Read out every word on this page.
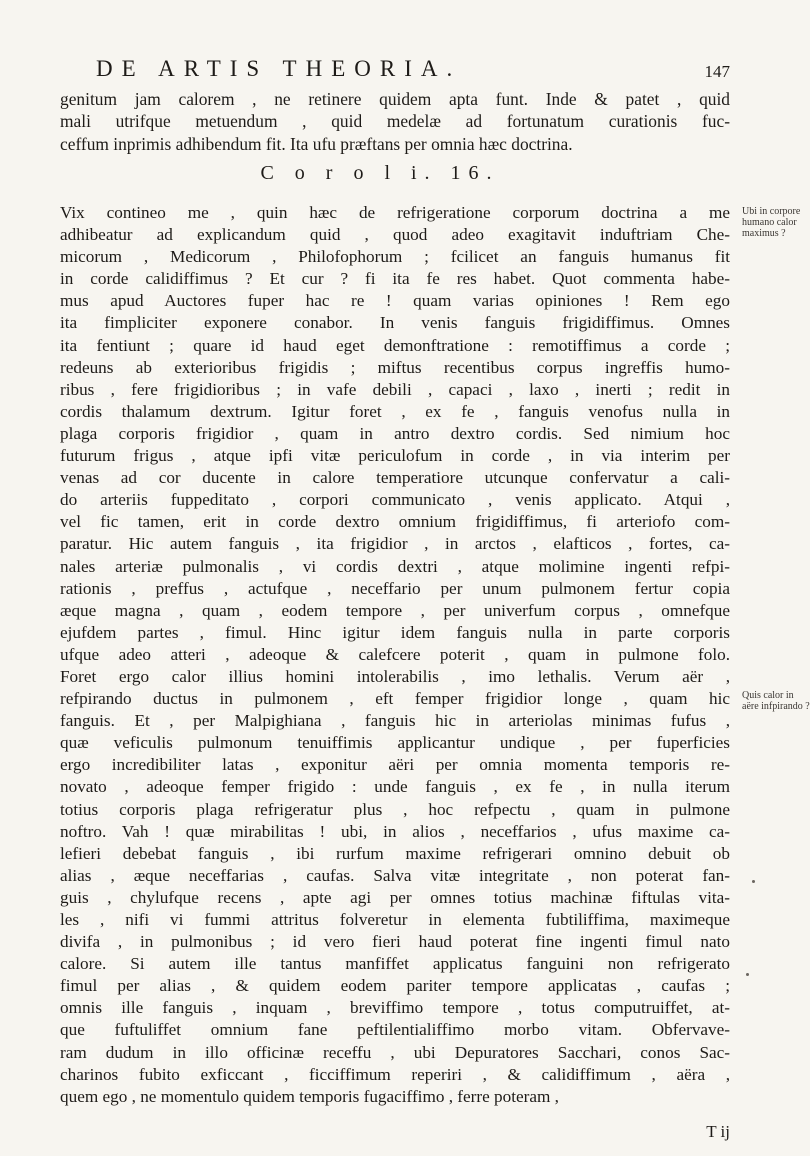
DE ARTIS THEORIA.	147
genitum jam calorem , ne retinere quidem apta funt. Inde & patet , quid
mali utrifque metuendum , quid medelæ ad fortunatum curationis fuc-
ceffum inprimis adhibendum fit. Ita ufu præftans per omnia hæc doctrina.
C o r o l i. 16.
Vix contineo me , quin hæc de refrigeratione corporum doctrina a me
adhibeatur ad explicandum quid , quod adeo exagitavit induftriam Che-
micorum , Medicorum , Philofophorum ; fcilicet an fanguis humanus fit
in corde calidiffimus ? Et cur ? fi ita fe res habet. Quot commenta habe-
mus apud Auctores fuper hac re ! quam varias opiniones ! Rem ego
ita fimpliciter exponere conabor. In venis fanguis frigidiffimus. Omnes
ita fentiunt ; quare id haud eget demonftratione : remotiffimus a corde ;
redeuns ab exterioribus frigidis ; miftus recentibus corpus ingreffis humo-
ribus , fere frigidioribus ; in vafe debili , capaci , laxo , inerti ; redit in
cordis thalamum dextrum. Igitur foret , ex fe , fanguis venofus nulla in
plaga corporis frigidior , quam in antro dextro cordis. Sed nimium hoc
futurum frigus , atque ipfi vitæ periculofum in corde , in via interim per
venas ad cor ducente in calore temperatiore utcunque confervatur a cali-
do arteriis fuppeditato , corpori communicato , venis applicato. Atqui ,
vel fic tamen, erit in corde dextro omnium frigidiffimus, fi arteriofo com-
paratur. Hic autem fanguis , ita frigidior , in arctos , elafticos , fortes, ca-
nales arteriæ pulmonalis , vi cordis dextri , atque molimine ingenti refpi-
rationis , preffus , actufque , neceffario per unum pulmonem fertur copia
æque magna , quam , eodem tempore , per univerfum corpus , omnefque
ejufdem partes , fimul. Hinc igitur idem fanguis nulla in parte corporis
ufque adeo atteri , adeoque & calefcere poterit , quam in pulmone folo.
Foret ergo calor illius homini intolerabilis , imo lethalis. Verum aër ,
refpirando ductus in pulmonem , eft femper frigidior longe , quam hic
fanguis. Et , per Malpighiana , fanguis hic in arteriolas minimas fufus ,
quæ veficulis pulmonum tenuiffimis applicantur undique , per fuperficies
ergo incredibiliter latas , exponitur aëri per omnia momenta temporis re-
novato , adeoque femper frigido : unde fanguis , ex fe , in nulla iterum
totius corporis plaga refrigeratur plus , hoc refpectu , quam in pulmone
noftro. Vah ! quæ mirabilitas ! ubi, in alios , neceffarios , ufus maxime ca-
lefieri debebat fanguis , ibi rurfum maxime refrigerari omnino debuit ob
alias , æque neceffarias , caufas. Salva vitæ integritate , non poterat fan-
guis , chylufque recens , apte agi per omnes totius machinæ fiftulas vita-
les , nifi vi fummi attritus folveretur in elementa fubtiliffima, maximeque
divifa , in pulmonibus ; id vero fieri haud poterat fine ingenti fimul nato
calore. Si autem ille tantus manfiffet applicatus fanguini non refrigerato
fimul per alias , & quidem eodem pariter tempore applicatas , caufas ;
omnis ille fanguis , inquam , breviffimo tempore , totus computruiffet, at-
que fuftuliffet omnium fane peftilentialiffimo morbo vitam. Obfervave-
ram dudum in illo officinæ receffu , ubi Depuratores Sacchari, conos Sac-
charinos fubito exficcant , ficciffimum reperiri , & calidiffimum , aëra ,
quem ego , ne momentulo quidem temporis fugaciffimo , ferre poteram ,
Ubi in corpore
humano calor
maximus ?
Quis calor in
aëre infpirando ?
T ij
